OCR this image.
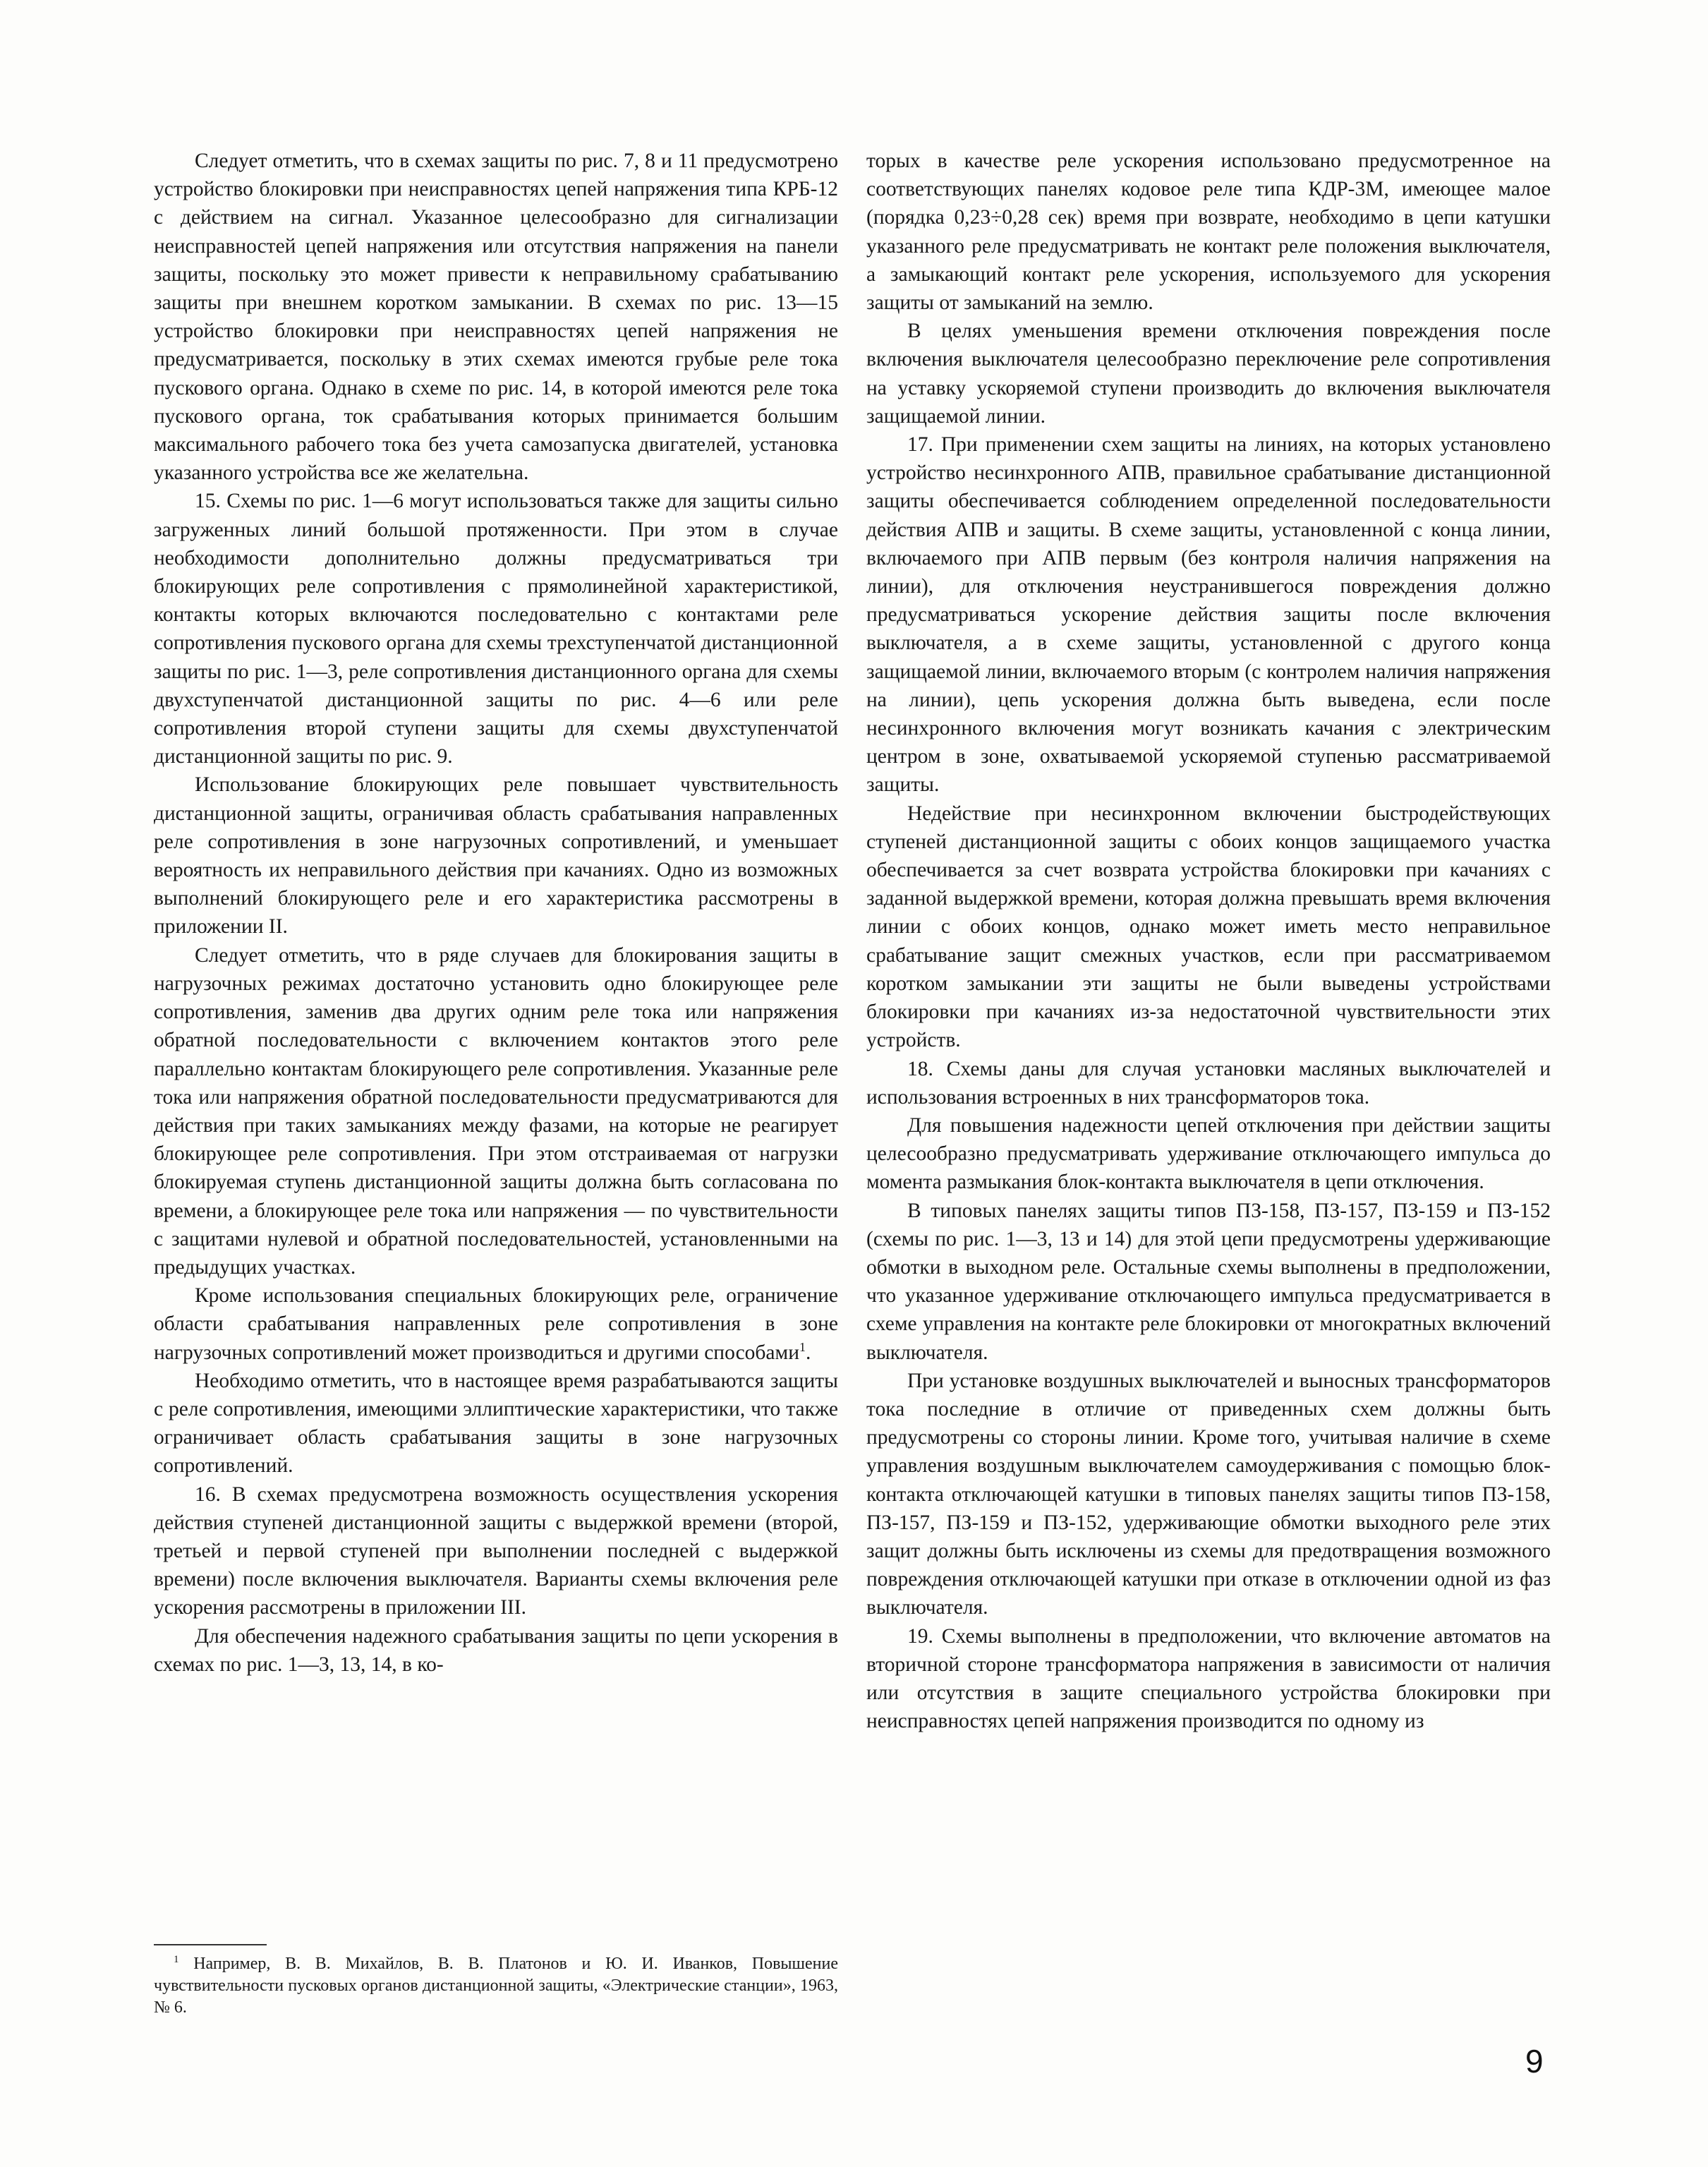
Следует отметить, что в схемах защиты по рис. 7, 8 и 11 предусмотрено устройство блокировки при неисправностях цепей напряжения типа КРБ-12 с действием на сигнал. Указанное целесообразно для сигнализации неисправностей цепей напряжения или отсутствия напряжения на панели защиты, поскольку это может привести к неправильному срабатыванию защиты при внешнем коротком замыкании. В схемах по рис. 13—15 устройство блокировки при неисправностях цепей напряжения не предусматривается, поскольку в этих схемах имеются грубые реле тока пускового органа. Однако в схеме по рис. 14, в которой имеются реле тока пускового органа, ток срабатывания которых принимается большим максимального рабочего тока без учета самозапуска двигателей, установка указанного устройства все же желательна.

15. Схемы по рис. 1—6 могут использоваться также для защиты сильно загруженных линий большой протяженности. При этом в случае необходимости дополнительно должны предусматриваться три блокирующих реле сопротивления с прямолинейной характеристикой, контакты которых включаются последовательно с контактами реле сопротивления пускового органа для схемы трехступенчатой дистанционной защиты по рис. 1—3, реле сопротивления дистанционного органа для схемы двухступенчатой дистанционной защиты по рис. 4—6 или реле сопротивления второй ступени защиты для схемы двухступенчатой дистанционной защиты по рис. 9.

Использование блокирующих реле повышает чувствительность дистанционной защиты, ограничивая область срабатывания направленных реле сопротивления в зоне нагрузочных сопротивлений, и уменьшает вероятность их неправильного действия при качаниях. Одно из возможных выполнений блокирующего реле и его характеристика рассмотрены в приложении II.

Следует отметить, что в ряде случаев для блокирования защиты в нагрузочных режимах достаточно установить одно блокирующее реле сопротивления, заменив два других одним реле тока или напряжения обратной последовательности с включением контактов этого реле параллельно контактам блокирующего реле сопротивления. Указанные реле тока или напряжения обратной последовательности предусматриваются для действия при таких замыканиях между фазами, на которые не реагирует блокирующее реле сопротивления. При этом отстраиваемая от нагрузки блокируемая ступень дистанционной защиты должна быть согласована по времени, а блокирующее реле тока или напряжения — по чувствительности с защитами нулевой и обратной последовательностей, установленными на предыдущих участках.

Кроме использования специальных блокирующих реле, ограничение области срабатывания направленных реле сопротивления в зоне нагрузочных сопротивлений может производиться и другими способами$^1$.

Необходимо отметить, что в настоящее время разрабатываются защиты с реле сопротивления, имеющими эллиптические характеристики, что также ограничивает область срабатывания защиты в зоне нагрузочных сопротивлений.

16. В схемах предусмотрена возможность осуществления ускорения действия ступеней дистанционной защиты с выдержкой времени (второй, третьей и первой ступеней при выполнении последней с выдержкой времени) после включения выключателя. Варианты схемы включения реле ускорения рассмотрены в приложении III.

Для обеспечения надежного срабатывания защиты по цепи ускорения в схемах по рис. 1—3, 13, 14, в ко-

торых в качестве реле ускорения использовано предусмотренное на соответствующих панелях кодовое реле типа КДР-3М, имеющее малое (порядка 0,23÷0,28 сек) время при возврате, необходимо в цепи катушки указанного реле предусматривать не контакт реле положения выключателя, а замыкающий контакт реле ускорения, используемого для ускорения защиты от замыканий на землю.

В целях уменьшения времени отключения повреждения после включения выключателя целесообразно переключение реле сопротивления на уставку ускоряемой ступени производить до включения выключателя защищаемой линии.

17. При применении схем защиты на линиях, на которых установлено устройство несинхронного АПВ, правильное срабатывание дистанционной защиты обеспечивается соблюдением определенной последовательности действия АПВ и защиты. В схеме защиты, установленной с конца линии, включаемого при АПВ первым (без контроля наличия напряжения на линии), для отключения неустранившегося повреждения должно предусматриваться ускорение действия защиты после включения выключателя, а в схеме защиты, установленной с другого конца защищаемой линии, включаемого вторым (с контролем наличия напряжения на линии), цепь ускорения должна быть выведена, если после несинхронного включения могут возникать качания с электрическим центром в зоне, охватываемой ускоряемой ступенью рассматриваемой защиты.

Недействие при несинхронном включении быстродействующих ступеней дистанционной защиты с обоих концов защищаемого участка обеспечивается за счет возврата устройства блокировки при качаниях с заданной выдержкой времени, которая должна превышать время включения линии с обоих концов, однако может иметь место неправильное срабатывание защит смежных участков, если при рассматриваемом коротком замыкании эти защиты не были выведены устройствами блокировки при качаниях из-за недостаточной чувствительности этих устройств.

18. Схемы даны для случая установки масляных выключателей и использования встроенных в них трансформаторов тока.

Для повышения надежности цепей отключения при действии защиты целесообразно предусматривать удерживание отключающего импульса до момента размыкания блок-контакта выключателя в цепи отключения.

В типовых панелях защиты типов ПЗ-158, ПЗ-157, ПЗ-159 и ПЗ-152 (схемы по рис. 1—3, 13 и 14) для этой цепи предусмотрены удерживающие обмотки в выходном реле. Остальные схемы выполнены в предположении, что указанное удерживание отключающего импульса предусматривается в схеме управления на контакте реле блокировки от многократных включений выключателя.

При установке воздушных выключателей и выносных трансформаторов тока последние в отличие от приведенных схем должны быть предусмотрены со стороны линии. Кроме того, учитывая наличие в схеме управления воздушным выключателем самоудерживания с помощью блок-контакта отключающей катушки в типовых панелях защиты типов ПЗ-158, ПЗ-157, ПЗ-159 и ПЗ-152, удерживающие обмотки выходного реле этих защит должны быть исключены из схемы для предотвращения возможного повреждения отключающей катушки при отказе в отключении одной из фаз выключателя.

19. Схемы выполнены в предположении, что включение автоматов на вторичной стороне трансформатора напряжения в зависимости от наличия или отсутствия в защите специального устройства блокировки при неисправностях цепей напряжения производится по одному из

$^1$ Например, В. В. Михайлов, В. В. Платонов и Ю. И. Иванков, Повышение чувствительности пусковых органов дистанционной защиты, «Электрические станции», 1963, № 6.
9
